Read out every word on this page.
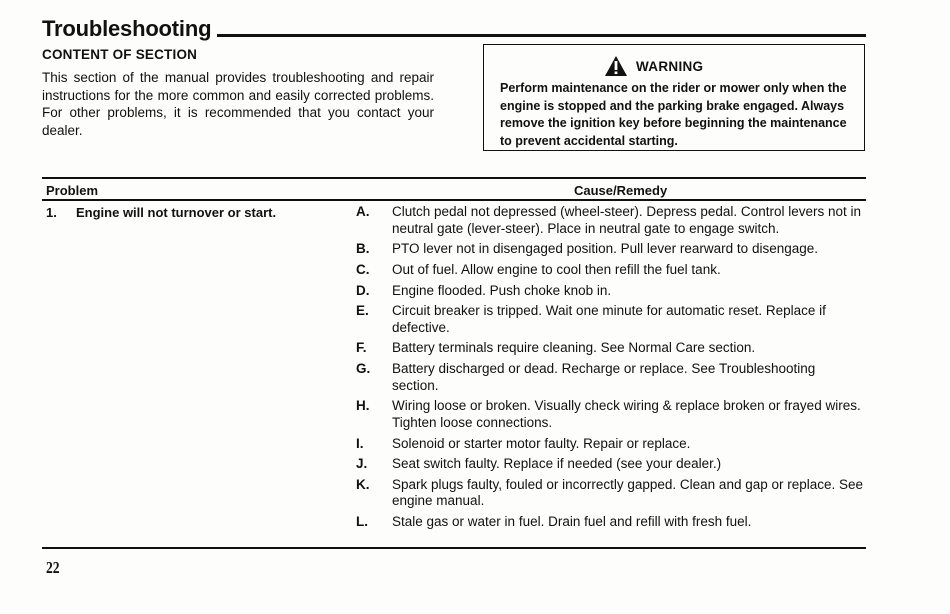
Troubleshooting
CONTENT OF SECTION
This section of the manual provides troubleshooting and repair instructions for the more common and easily corrected problems. For other problems, it is recommended that you contact your dealer.
WARNING
Perform maintenance on the rider or mower only when the engine is stopped and the parking brake engaged. Always remove the ignition key before beginning the maintenance to prevent accidental starting.
Problem	Cause/Remedy
1. Engine will not turnover or start.	A.	Clutch pedal not depressed (wheel-steer). Depress pedal. Control levers not in neutral gate (lever-steer). Place in neutral gate to engage switch.
B.	PTO lever not in disengaged position. Pull lever rearward to disengage.
C.	Out of fuel. Allow engine to cool then refill the fuel tank.
D.	Engine flooded. Push choke knob in.
E.	Circuit breaker is tripped. Wait one minute for automatic reset. Replace if defective.
F.	Battery terminals require cleaning. See Normal Care section.
G.	Battery discharged or dead. Recharge or replace. See Troubleshooting section.
H.	Wiring loose or broken. Visually check wiring & replace broken or frayed wires. Tighten loose connections.
I.	Solenoid or starter motor faulty. Repair or replace.
J.	Seat switch faulty. Replace if needed (see your dealer.)
K.	Spark plugs faulty, fouled or incorrectly gapped. Clean and gap or replace. See engine manual.
L.	Stale gas or water in fuel. Drain fuel and refill with fresh fuel.
22
